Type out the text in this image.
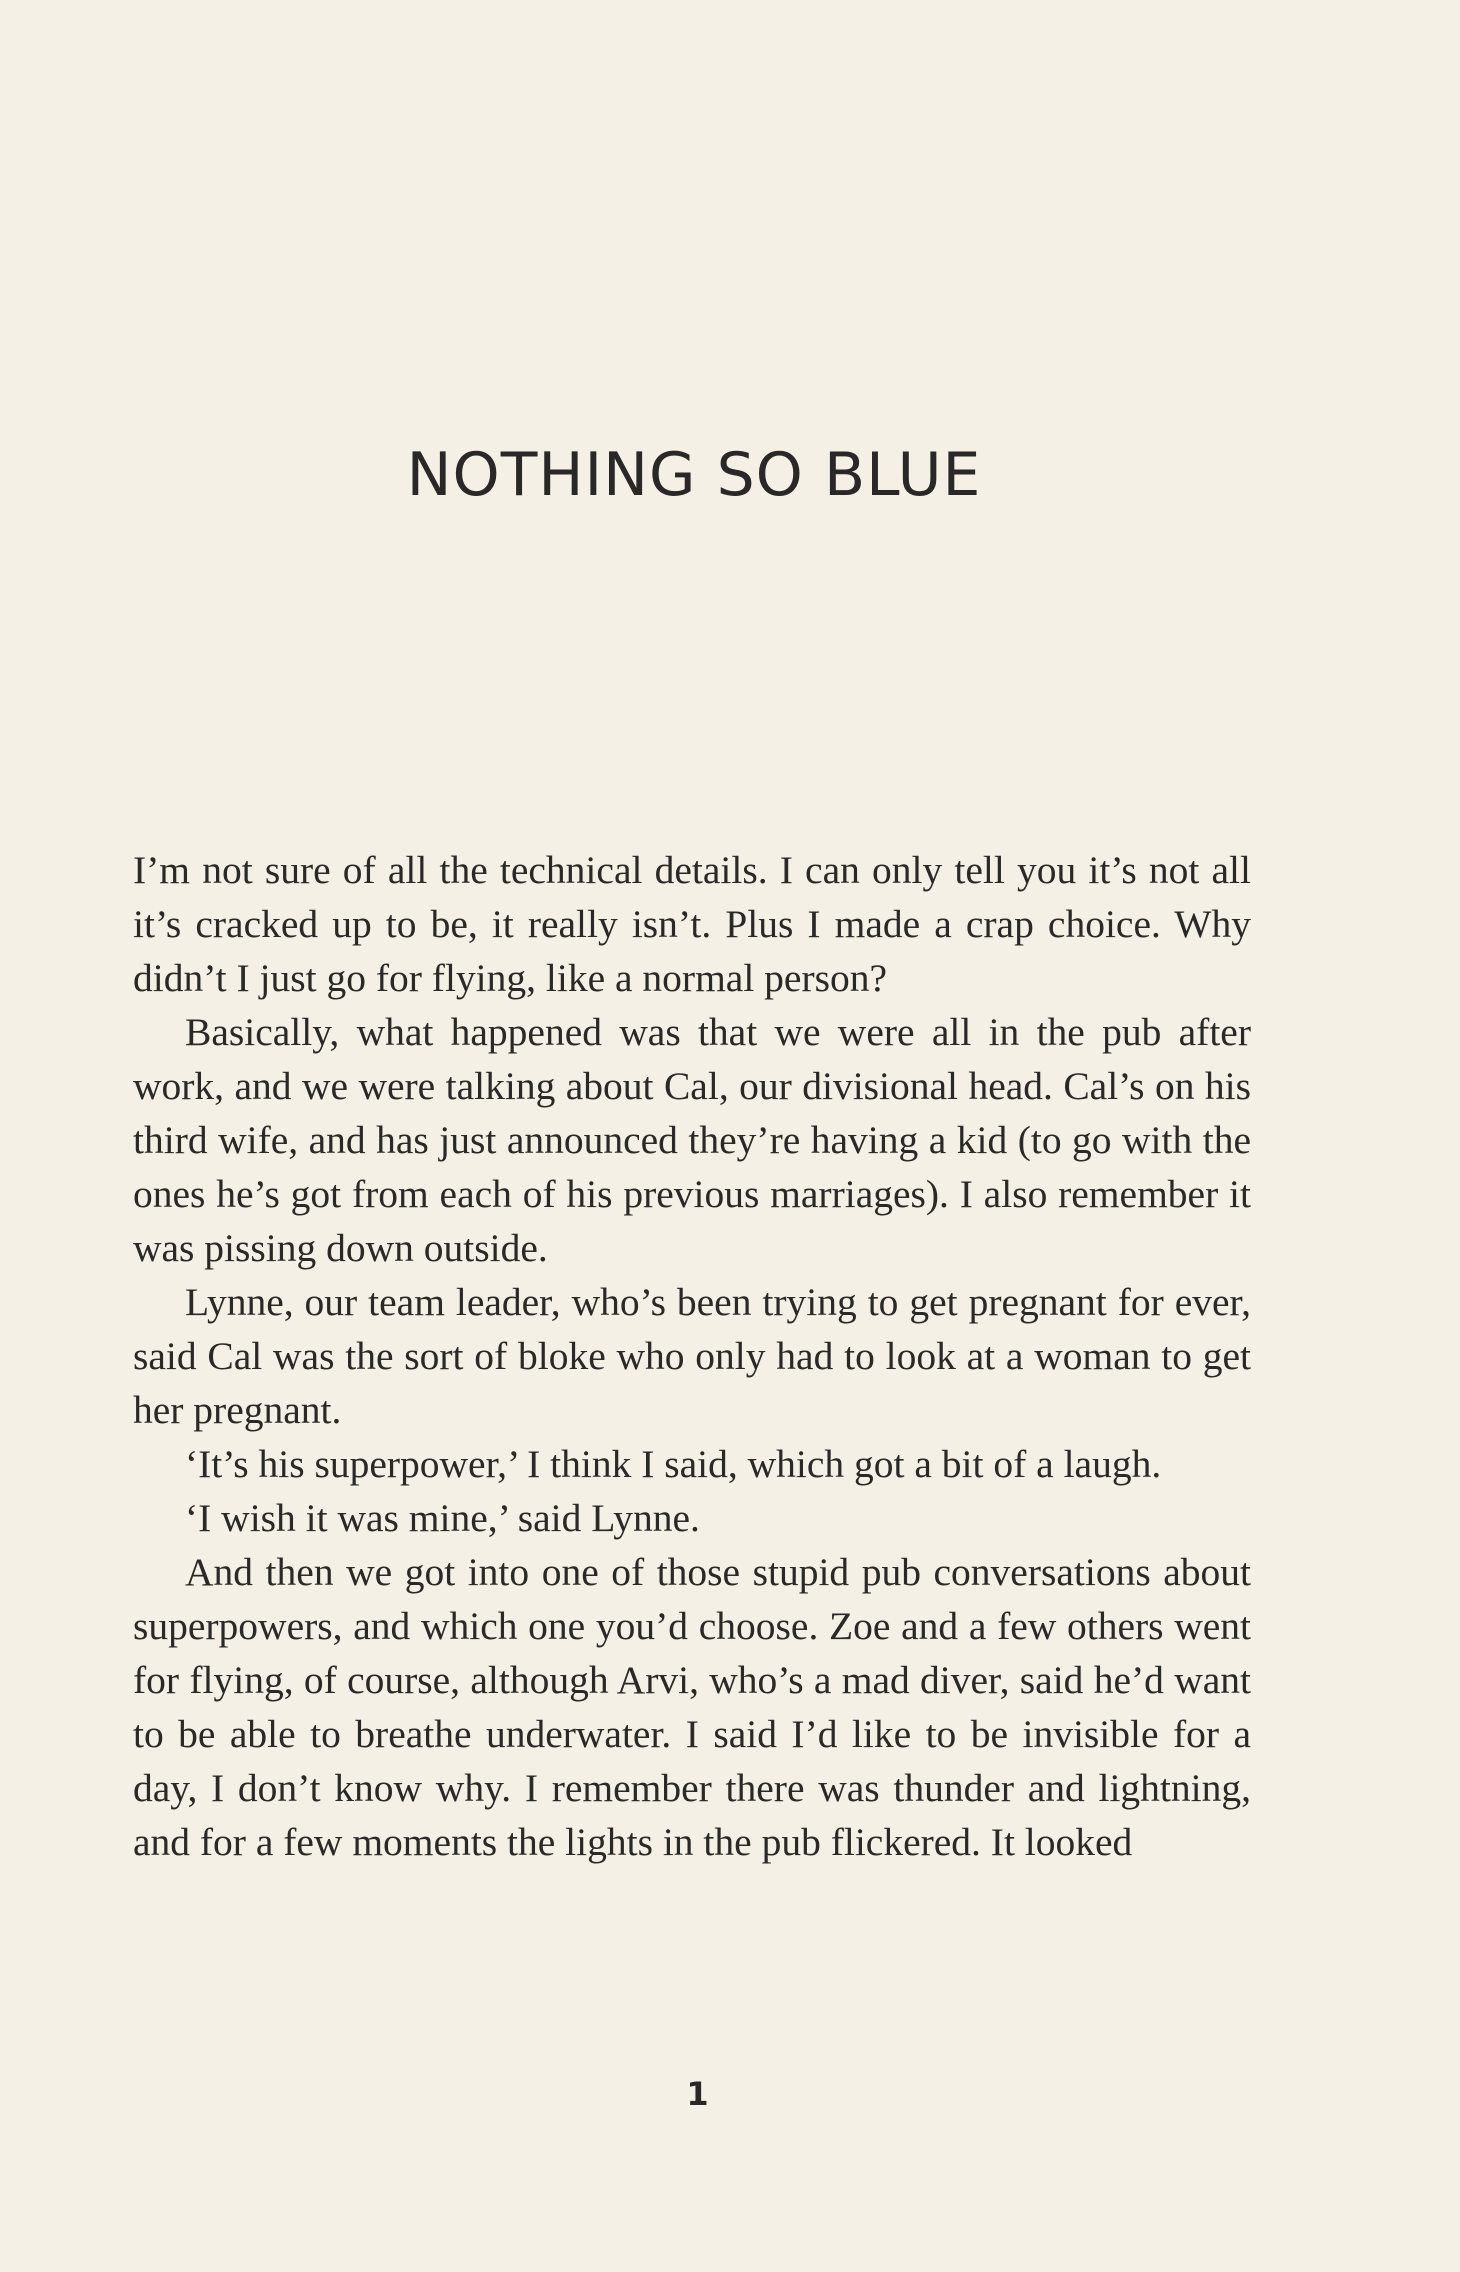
NOTHING SO BLUE

I’m not sure of all the technical details. I can only tell you it’s not all it’s cracked up to be, it really isn’t. Plus I made a crap choice. Why didn’t I just go for flying, like a normal person?

Basically, what happened was that we were all in the pub after work, and we were talking about Cal, our divisional head. Cal’s on his third wife, and has just announced they’re having a kid (to go with the ones he’s got from each of his previous marriages). I also remember it was pissing down outside.

Lynne, our team leader, who’s been trying to get pregnant for ever, said Cal was the sort of bloke who only had to look at a woman to get her pregnant.

‘It’s his superpower,’ I think I said, which got a bit of a laugh.

‘I wish it was mine,’ said Lynne.

And then we got into one of those stupid pub conversations about superpowers, and which one you’d choose. Zoe and a few others went for flying, of course, although Arvi, who’s a mad diver, said he’d want to be able to breathe underwater. I said I’d like to be invisible for a day, I don’t know why. I remember there was thunder and lightning, and for a few moments the lights in the pub flickered. It looked

1
